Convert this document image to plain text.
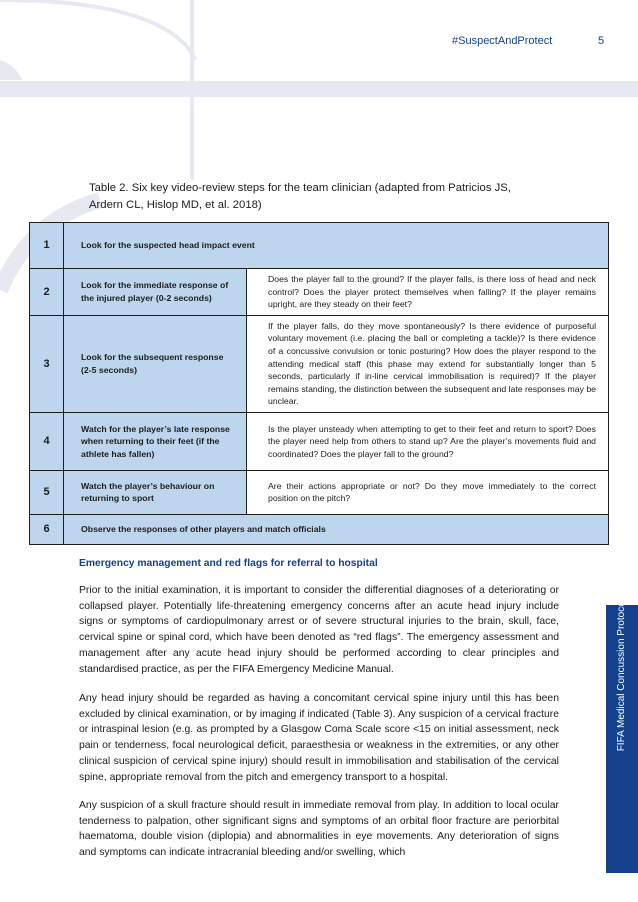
#SuspectAndProtect	5
Table 2. Six key video-review steps for the team clinician (adapted from Patricios JS,
Ardern CL, Hislop MD, et al. 2018)
1	Look for the suspected head impact event	
2	Look for the immediate response of the injured player (0-2 seconds)	Does the player fall to the ground? If the player falls, is there loss of head and neck control? Does the player protect themselves when falling? If the player remains upright, are they steady on their feet?
3	Look for the subsequent response (2-5 seconds)	If the player falls, do they move spontaneously? Is there evidence of purposeful voluntary movement (i.e. placing the ball or completing a tackle)? Is there evidence of a concussive convulsion or tonic posturing? How does the player respond to the attending medical staff (this phase may extend for substantially longer than 5 seconds, particularly if in-line cervical immobilisation is required)? If the player remains standing, the distinction between the subsequent and late responses may be unclear.
4	Watch for the player’s late response when returning to their feet (if the athlete has fallen)	Is the player unsteady when attempting to get to their feet and return to sport? Does the player need help from others to stand up? Are the player’s movements fluid and coordinated? Does the player fall to the ground?
5	Watch the player’s behaviour on returning to sport	Are their actions appropriate or not? Do they move immediately to the correct position on the pitch?
6	Observe the responses of other players and match officials	
Emergency management and red flags for referral to hospital

Prior to the initial examination, it is important to consider the differential diagnoses of a deteriorating or collapsed player. Potentially life-threatening emergency concerns after an acute head injury include signs or symptoms of cardiopulmonary arrest or of severe structural injuries to the brain, skull, face, cervical spine or spinal cord, which have been denoted as “red flags”. The emergency assessment and management after any acute head injury should be performed according to clear principles and standardised practice, as per the FIFA Emergency Medicine Manual.

Any head injury should be regarded as having a concomitant cervical spine injury until this has been excluded by clinical examination, or by imaging if indicated (Table 3). Any suspicion of a cervical fracture or intraspinal lesion (e.g. as prompted by a Glasgow Coma Scale score <15 on initial assessment, neck pain or tenderness, focal neurological deficit, paraesthesia or weakness in the extremities, or any other clinical suspicion of cervical spine injury) should result in immobilisation and stabilisation of the cervical spine, appropriate removal from the pitch and emergency transport to a hospital.

Any suspicion of a skull fracture should result in immediate removal from play. In addition to local ocular tenderness to palpation, other significant signs and symptoms of an orbital floor fracture are periorbital haematoma, double vision (diplopia) and abnormalities in eye movements. Any deterioration of signs and symptoms can indicate intracranial bleeding and/or swelling, which

FIFA Medical Concussion Protocol
